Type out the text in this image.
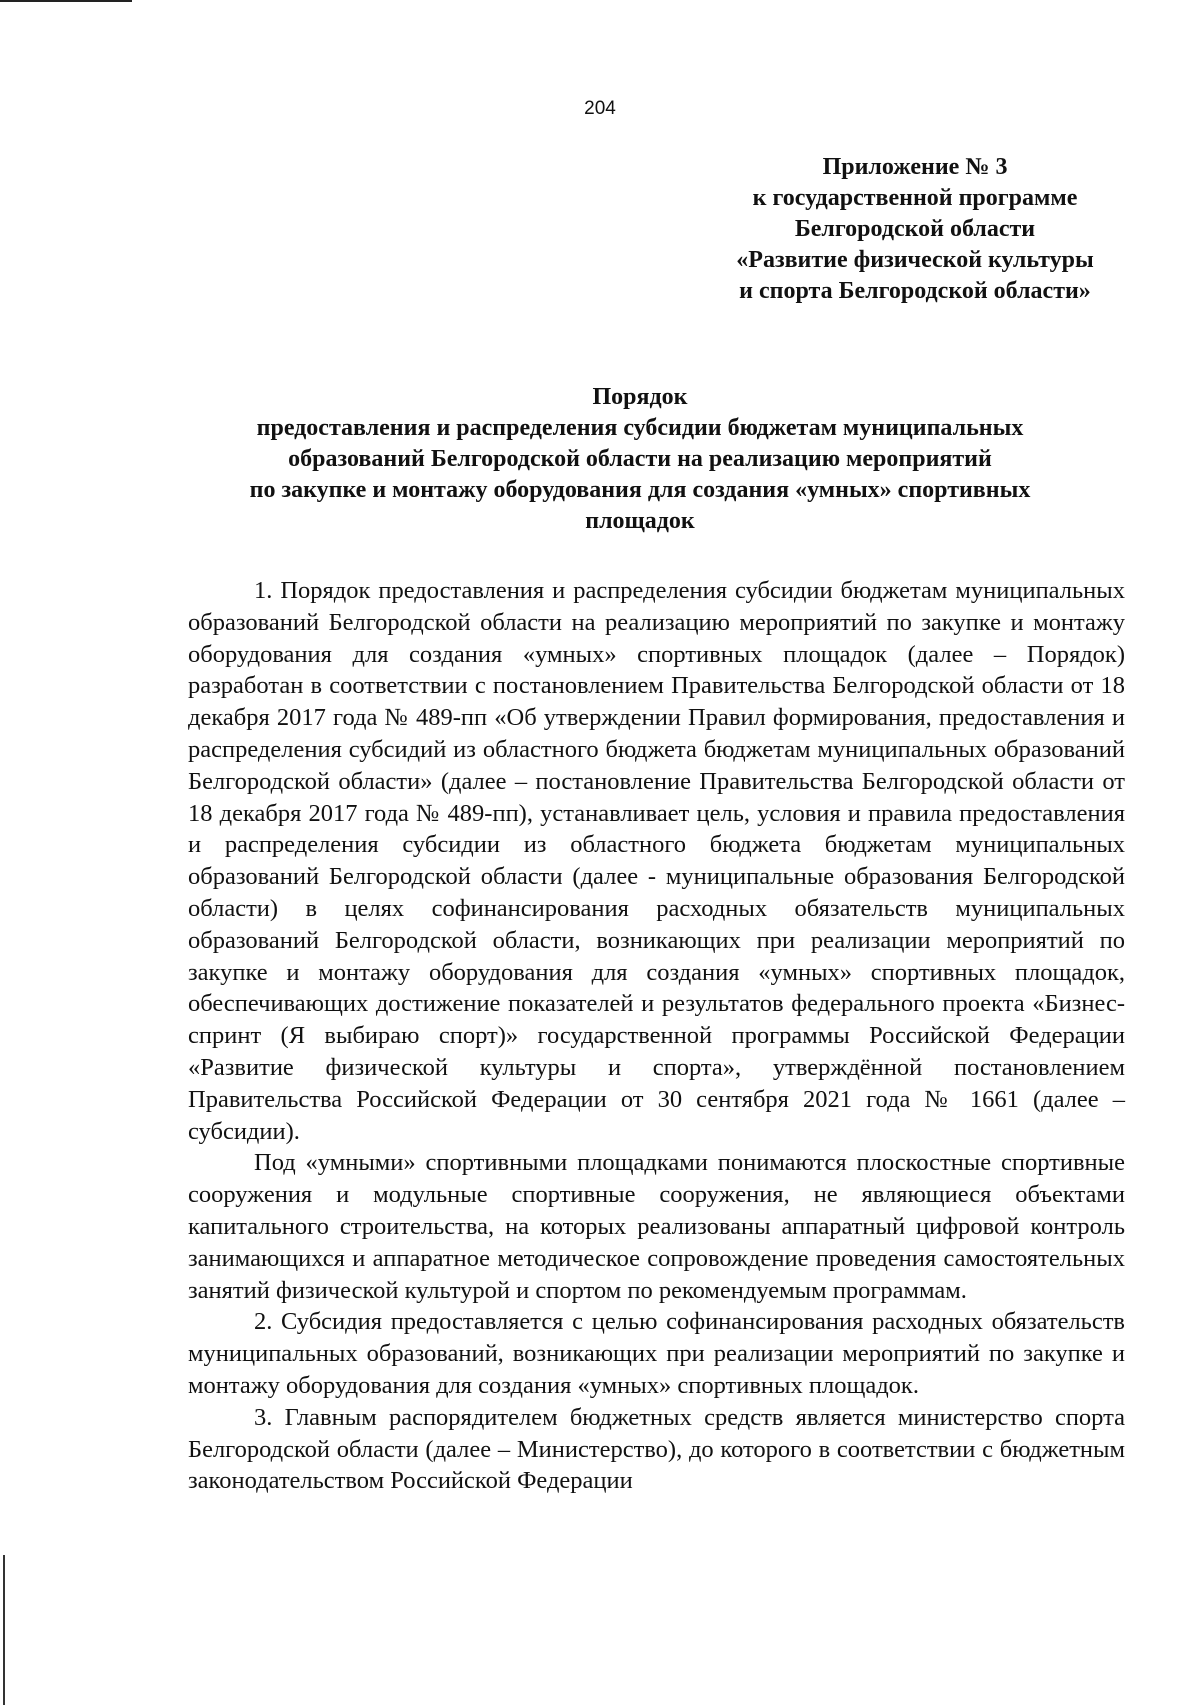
204
Приложение № 3
к государственной программе
Белгородской области
«Развитие физической культуры
и спорта Белгородской области»
Порядок
предоставления и распределения субсидии бюджетам муниципальных
образований Белгородской области на реализацию мероприятий
по закупке и монтажу оборудования для создания «умных» спортивных
площадок

1. Порядок предоставления и распределения субсидии бюджетам муниципальных образований Белгородской области на реализацию мероприятий по закупке и монтажу оборудования для создания «умных» спортивных площадок (далее – Порядок) разработан в соответствии с постановлением Правительства Белгородской области от 18 декабря 2017 года № 489-пп «Об утверждении Правил формирования, предоставления и распределения субсидий из областного бюджета бюджетам муниципальных образований Белгородской области» (далее – постановление Правительства Белгородской области от 18 декабря 2017 года № 489-пп), устанавливает цель, условия и правила предоставления и распределения субсидии из областного бюджета бюджетам муниципальных образований Белгородской области (далее - муниципальные образования Белгородской области) в целях софинансирования расходных обязательств муниципальных образований Белгородской области, возникающих при реализации мероприятий по закупке и монтажу оборудования для создания «умных» спортивных площадок, обеспечивающих достижение показателей и результатов федерального проекта «Бизнес-спринт (Я выбираю спорт)» государственной программы Российской Федерации «Развитие физической культуры и спорта», утверждённой постановлением Правительства Российской Федерации от 30 сентября 2021 года № 1661 (далее – субсидии).

Под «умными» спортивными площадками понимаются плоскостные спортивные сооружения и модульные спортивные сооружения, не являющиеся объектами капитального строительства, на которых реализованы аппаратный цифровой контроль занимающихся и аппаратное методическое сопровождение проведения самостоятельных занятий физической культурой и спортом по рекомендуемым программам.

2. Субсидия предоставляется с целью софинансирования расходных обязательств муниципальных образований, возникающих при реализации мероприятий по закупке и монтажу оборудования для создания «умных» спортивных площадок.

3. Главным распорядителем бюджетных средств является министерство спорта Белгородской области (далее – Министерство), до которого в соответствии с бюджетным законодательством Российской Федерации
